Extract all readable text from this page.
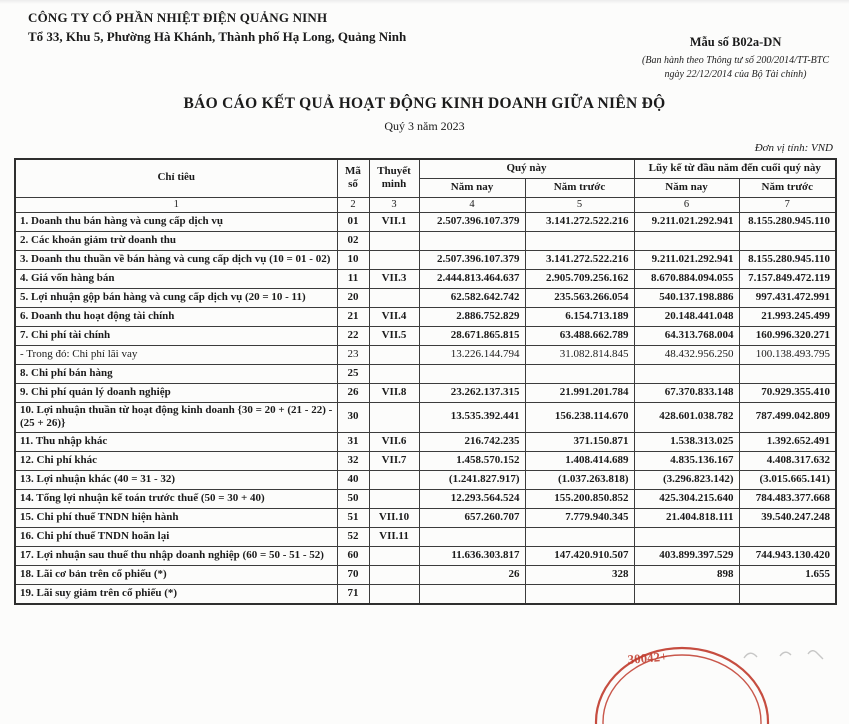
CÔNG TY CỔ PHẦN NHIỆT ĐIỆN QUẢNG NINH
Tổ 33, Khu 5, Phường Hà Khánh, Thành phố Hạ Long, Quảng Ninh	Mẫu số B02a-DN
(Ban hành theo Thông tư số 200/2014/TT-BTC
ngày 22/12/2014 của Bộ Tài chính)
BÁO CÁO KẾT QUẢ HOẠT ĐỘNG KINH DOANH GIỮA NIÊN ĐỘ
Quý 3 năm 2023
Đơn vị tính: VND
Chỉ tiêu	Mã số	Thuyết minh	Quý này		Lũy kế từ đầu năm đến cuối quý này	
			Năm nay	Năm trước	Năm nay	Năm trước
1	2	3	4	5	6	7
1. Doanh thu bán hàng và cung cấp dịch vụ	01	VII.1	2.507.396.107.379	3.141.272.522.216	9.211.021.292.941	8.155.280.945.110
2. Các khoản giảm trừ doanh thu	02					
3. Doanh thu thuần về bán hàng và cung cấp dịch vụ (10 = 01 - 02)	10		2.507.396.107.379	3.141.272.522.216	9.211.021.292.941	8.155.280.945.110
4. Giá vốn hàng bán	11	VII.3	2.444.813.464.637	2.905.709.256.162	8.670.884.094.055	7.157.849.472.119
5. Lợi nhuận gộp bán hàng và cung cấp dịch vụ (20 = 10 - 11)	20		62.582.642.742	235.563.266.054	540.137.198.886	997.431.472.991
6. Doanh thu hoạt động tài chính	21	VII.4	2.886.752.829	6.154.713.189	20.148.441.048	21.993.245.499
7. Chi phí tài chính	22	VII.5	28.671.865.815	63.488.662.789	64.313.768.004	160.996.320.271
- Trong đó: Chi phí lãi vay	23		13.226.144.794	31.082.814.845	48.432.956.250	100.138.493.795
8. Chi phí bán hàng	25					
9. Chi phí quản lý doanh nghiệp	26	VII.8	23.262.137.315	21.991.201.784	67.370.833.148	70.929.355.410
10. Lợi nhuận thuần từ hoạt động kinh doanh {30 = 20 + (21 - 22) - (25 + 26)}	30		13.535.392.441	156.238.114.670	428.601.038.782	787.499.042.809
11. Thu nhập khác	31	VII.6	216.742.235	371.150.871	1.538.313.025	1.392.652.491
12. Chi phí khác	32	VII.7	1.458.570.152	1.408.414.689	4.835.136.167	4.408.317.632
13. Lợi nhuận khác (40 = 31 - 32)	40		(1.241.827.917)	(1.037.263.818)	(3.296.823.142)	(3.015.665.141)
14. Tổng lợi nhuận kế toán trước thuế (50 = 30 + 40)	50		12.293.564.524	155.200.850.852	425.304.215.640	784.483.377.668
15. Chi phí thuế TNDN hiện hành	51	VII.10	657.260.707	7.779.940.345	21.404.818.111	39.540.247.248
16. Chi phí thuế TNDN hoãn lại	52	VII.11				
17. Lợi nhuận sau thuế thu nhập doanh nghiệp (60 = 50 - 51 - 52)	60		11.636.303.817	147.420.910.507	403.899.397.529	744.943.130.420
18. Lãi cơ bản trên cổ phiếu (*)	70		26	328	898	1.655
19. Lãi suy giảm trên cổ phiếu (*)	71					
30042+
